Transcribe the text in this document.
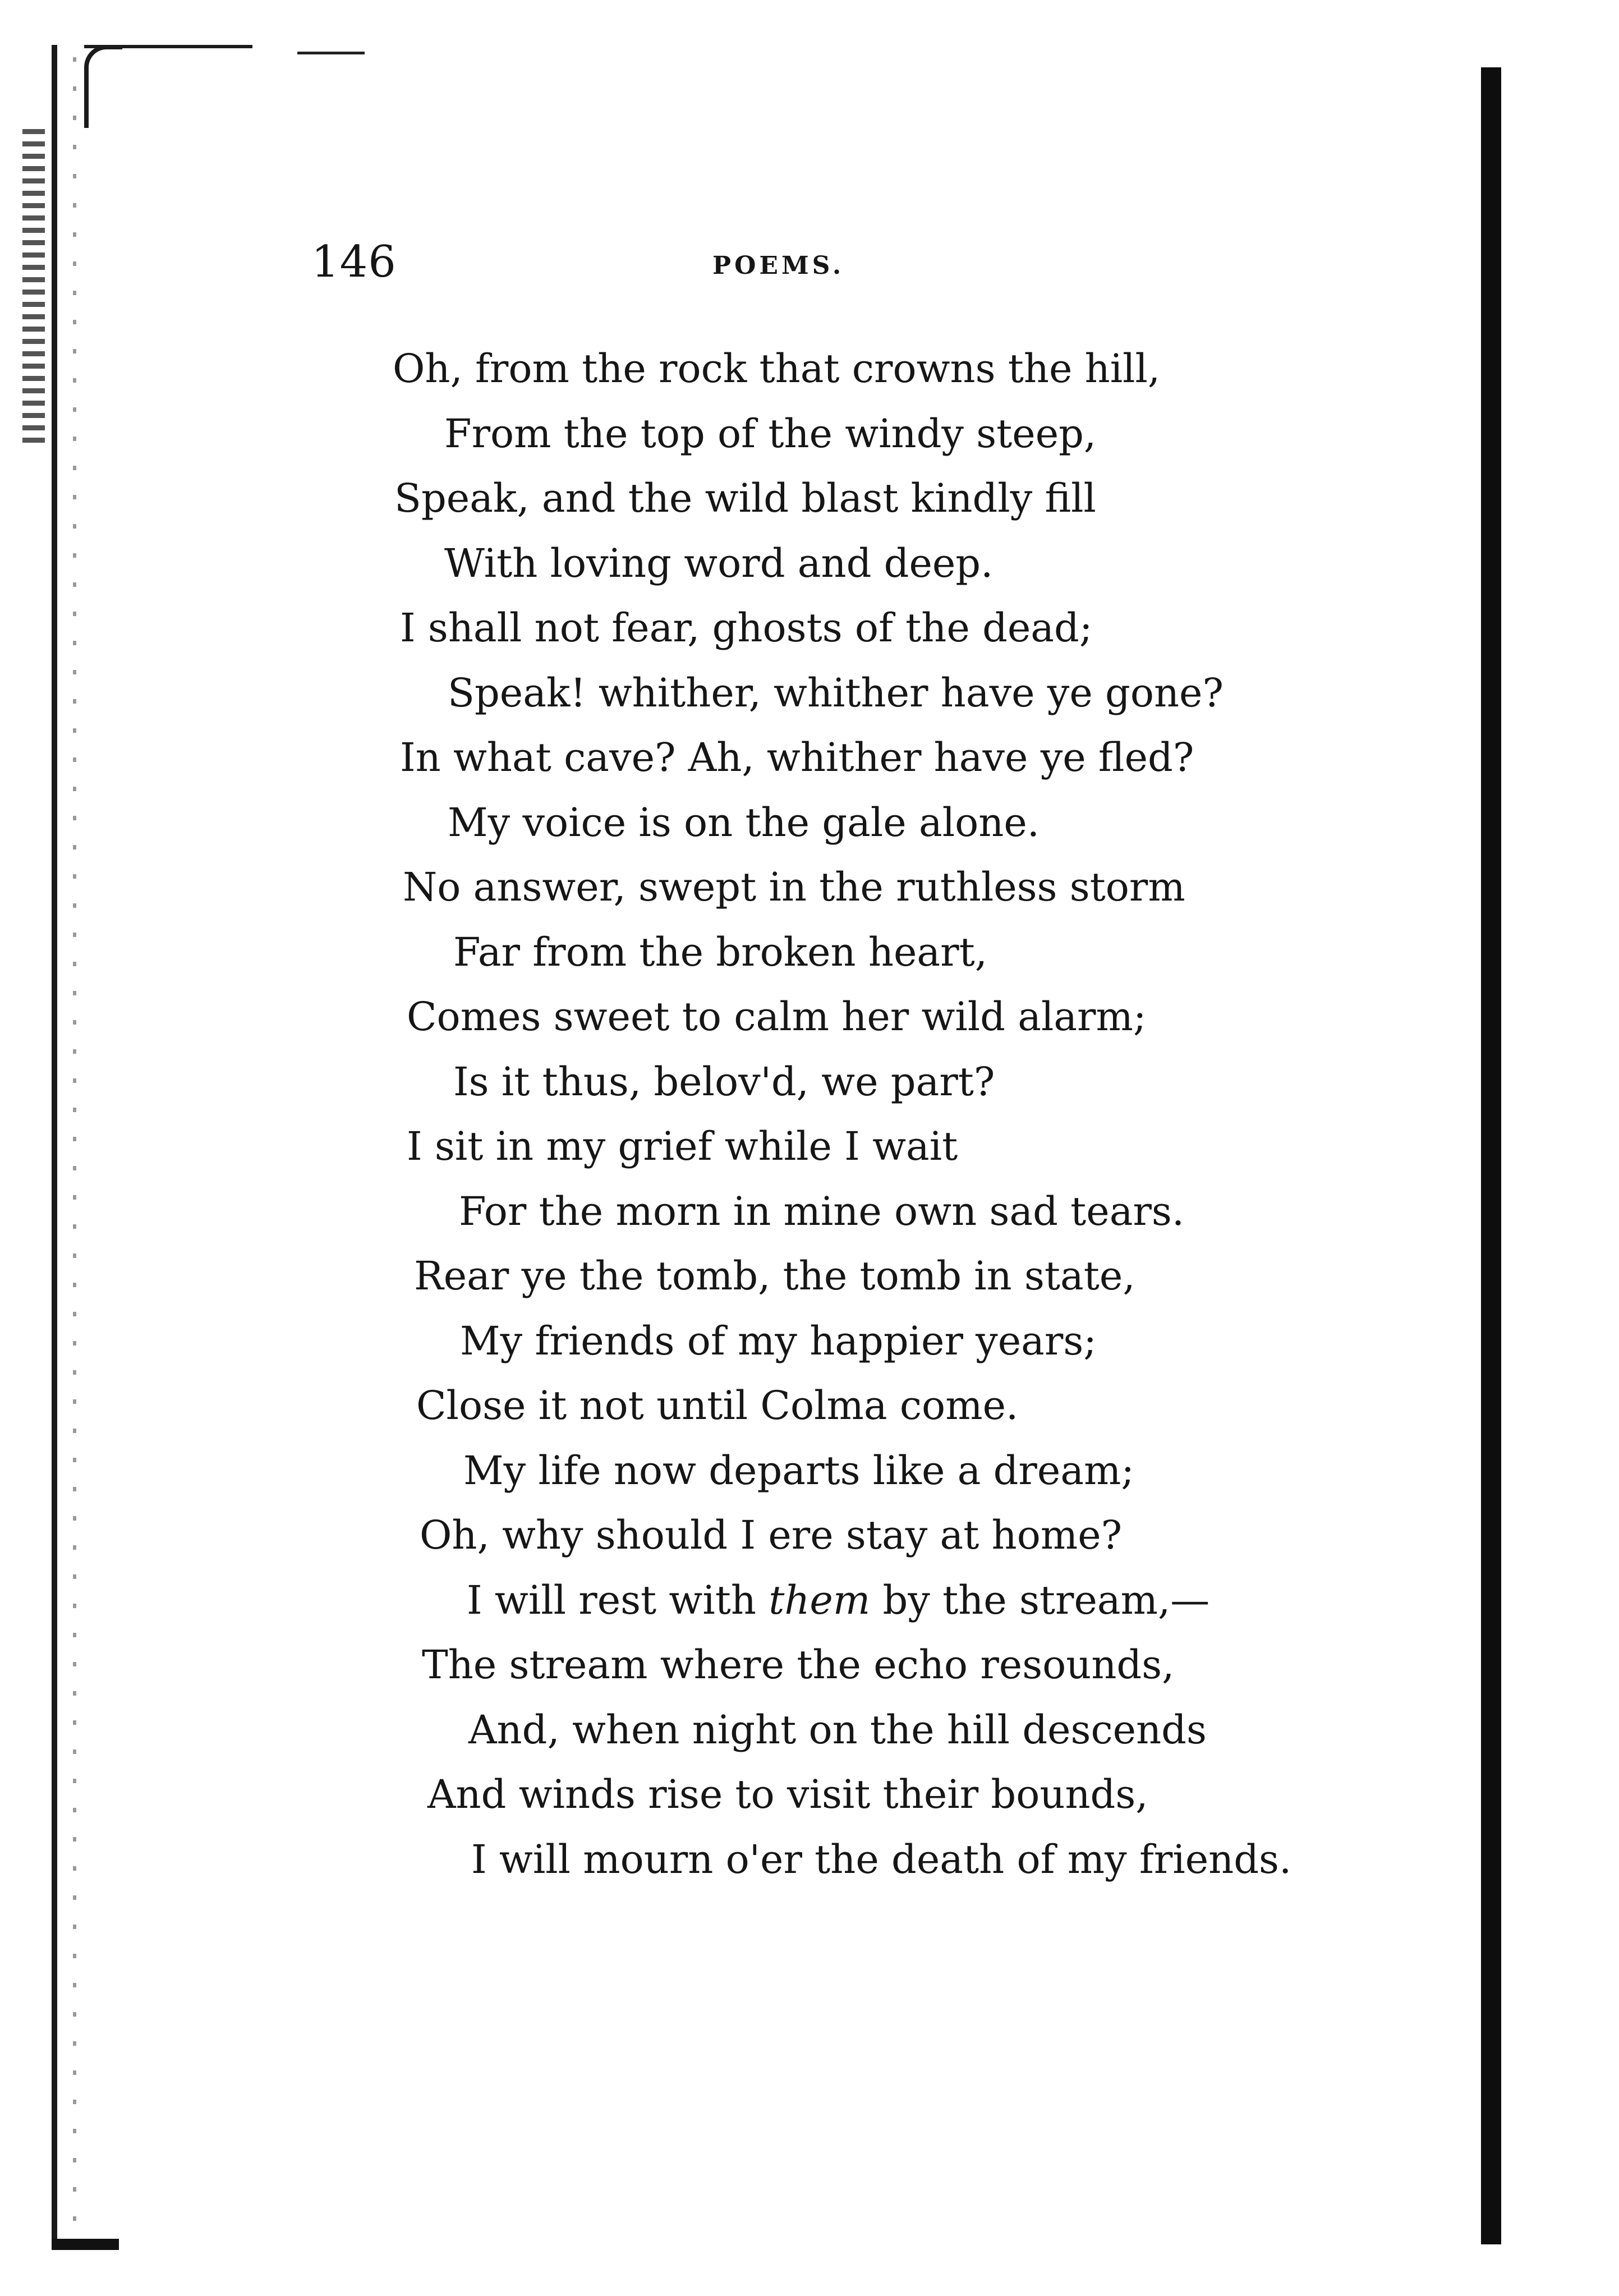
146	POEMS.
Oh, from the rock that crowns the hill,
From the top of the windy steep,
Speak, and the wild blast kindly fill
With loving word and deep.
I shall not fear, ghosts of the dead;
Speak! whither, whither have ye gone?
In what cave? Ah, whither have ye fled?
My voice is on the gale alone.
No answer, swept in the ruthless storm
Far from the broken heart,
Comes sweet to calm her wild alarm;
Is it thus, belov'd, we part?
I sit in my grief while I wait
For the morn in mine own sad tears.
Rear ye the tomb, the tomb in state,
My friends of my happier years;
Close it not until Colma come.
My life now departs like a dream;
Oh, why should I ere stay at home?
I will rest with them by the stream,—
The stream where the echo resounds,
And, when night on the hill descends
And winds rise to visit their bounds,
I will mourn o'er the death of my friends.
